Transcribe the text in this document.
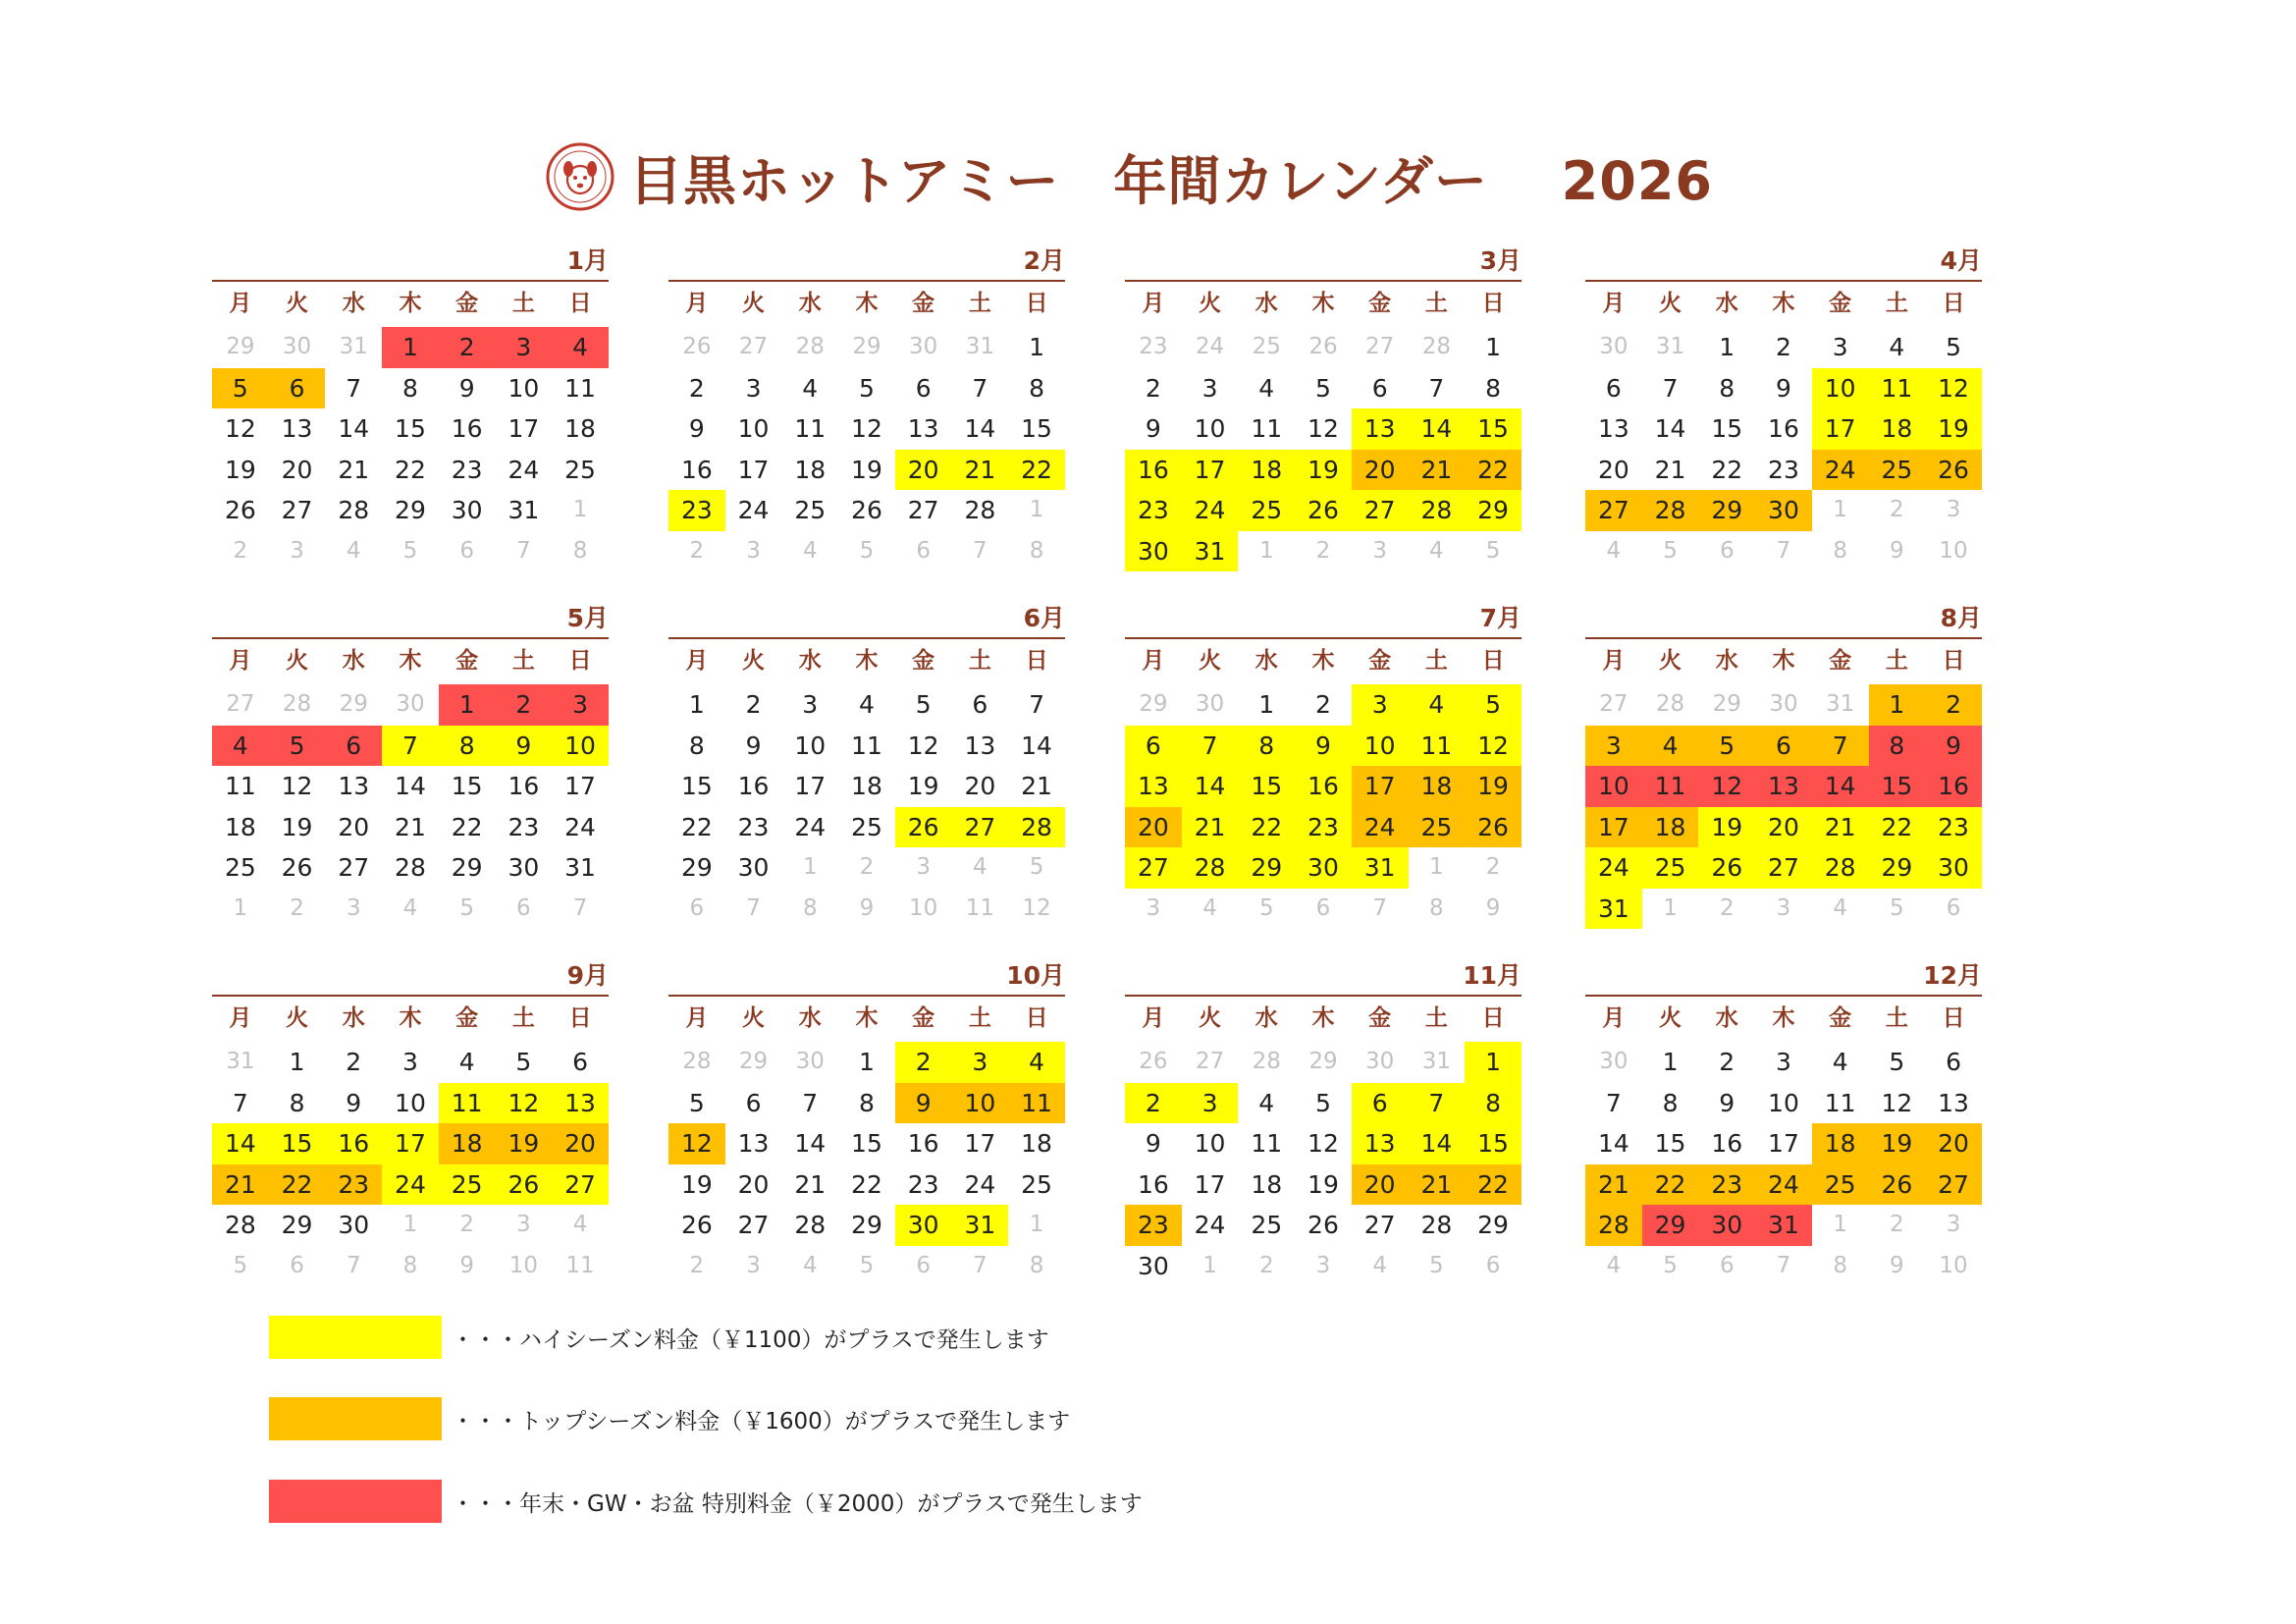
目黒ホットアミー　年間カレンダー　 2026
1月
月	火	水	木	金	土	日
29	30	31	1	2	3	4
5	6	7	8	9	10	11
12	13	14	15	16	17	18
19	20	21	22	23	24	25
26	27	28	29	30	31	1
2	3	4	5	6	7	8
2月
月	火	水	木	金	土	日
26	27	28	29	30	31	1
2	3	4	5	6	7	8
9	10	11	12	13	14	15
16	17	18	19	20	21	22
23	24	25	26	27	28	1
2	3	4	5	6	7	8
3月
月	火	水	木	金	土	日
23	24	25	26	27	28	1
2	3	4	5	6	7	8
9	10	11	12	13	14	15
16	17	18	19	20	21	22
23	24	25	26	27	28	29
30	31	1	2	3	4	5
4月
月	火	水	木	金	土	日
30	31	1	2	3	4	5
6	7	8	9	10	11	12
13	14	15	16	17	18	19
20	21	22	23	24	25	26
27	28	29	30	1	2	3
4	5	6	7	8	9	10
5月
月	火	水	木	金	土	日
27	28	29	30	1	2	3
4	5	6	7	8	9	10
11	12	13	14	15	16	17
18	19	20	21	22	23	24
25	26	27	28	29	30	31
1	2	3	4	5	6	7
6月
月	火	水	木	金	土	日
1	2	3	4	5	6	7
8	9	10	11	12	13	14
15	16	17	18	19	20	21
22	23	24	25	26	27	28
29	30	1	2	3	4	5
6	7	8	9	10	11	12
7月
月	火	水	木	金	土	日
29	30	1	2	3	4	5
6	7	8	9	10	11	12
13	14	15	16	17	18	19
20	21	22	23	24	25	26
27	28	29	30	31	1	2
3	4	5	6	7	8	9
8月
月	火	水	木	金	土	日
27	28	29	30	31	1	2
3	4	5	6	7	8	9
10	11	12	13	14	15	16
17	18	19	20	21	22	23
24	25	26	27	28	29	30
31	1	2	3	4	5	6
9月
月	火	水	木	金	土	日
31	1	2	3	4	5	6
7	8	9	10	11	12	13
14	15	16	17	18	19	20
21	22	23	24	25	26	27
28	29	30	1	2	3	4
5	6	7	8	9	10	11
10月
月	火	水	木	金	土	日
28	29	30	1	2	3	4
5	6	7	8	9	10	11
12	13	14	15	16	17	18
19	20	21	22	23	24	25
26	27	28	29	30	31	1
2	3	4	5	6	7	8
11月
月	火	水	木	金	土	日
26	27	28	29	30	31	1
2	3	4	5	6	7	8
9	10	11	12	13	14	15
16	17	18	19	20	21	22
23	24	25	26	27	28	29
30	1	2	3	4	5	6
12月
月	火	水	木	金	土	日
30	1	2	3	4	5	6
7	8	9	10	11	12	13
14	15	16	17	18	19	20
21	22	23	24	25	26	27
28	29	30	31	1	2	3
4	5	6	7	8	9	10
・・・ハイシーズン料金（￥1100）がプラスで発生します
・・・トップシーズン料金（￥1600）がプラスで発生します
・・・年末・GW・お盆 特別料金（￥2000）がプラスで発生します
